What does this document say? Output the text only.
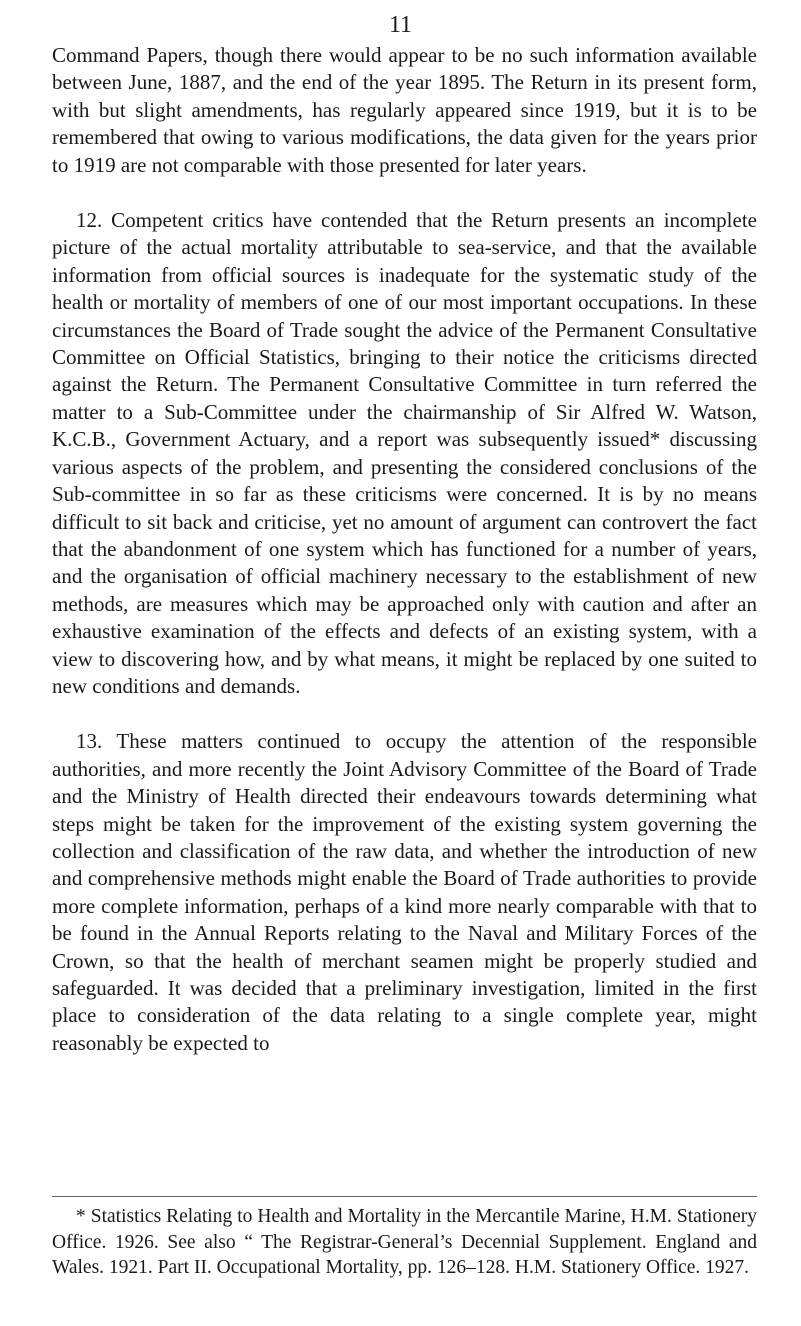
11

Command Papers, though there would appear to be no such information available between June, 1887, and the end of the year 1895. The Return in its present form, with but slight amendments, has regularly appeared since 1919, but it is to be remembered that owing to various modifications, the data given for the years prior to 1919 are not comparable with those presented for later years.

12. Competent critics have contended that the Return presents an incomplete picture of the actual mortality attributable to sea-service, and that the available information from official sources is inadequate for the systematic study of the health or mortality of members of one of our most important occupations. In these circumstances the Board of Trade sought the advice of the Permanent Consultative Committee on Official Statistics, bringing to their notice the criticisms directed against the Return. The Permanent Consultative Committee in turn referred the matter to a Sub-Committee under the chairmanship of Sir Alfred W. Watson, K.C.B., Government Actuary, and a report was subsequently issued* discussing various aspects of the problem, and presenting the considered conclusions of the Sub-committee in so far as these criticisms were concerned. It is by no means difficult to sit back and criticise, yet no amount of argument can controvert the fact that the abandonment of one system which has functioned for a number of years, and the organisation of official machinery necessary to the establishment of new methods, are measures which may be approached only with caution and after an exhaustive examination of the effects and defects of an existing system, with a view to discovering how, and by what means, it might be replaced by one suited to new conditions and demands.

13. These matters continued to occupy the attention of the responsible authorities, and more recently the Joint Advisory Committee of the Board of Trade and the Ministry of Health directed their endeavours towards determining what steps might be taken for the improvement of the existing system governing the collection and classification of the raw data, and whether the introduction of new and comprehensive methods might enable the Board of Trade authorities to provide more complete information, perhaps of a kind more nearly comparable with that to be found in the Annual Reports relating to the Naval and Military Forces of the Crown, so that the health of merchant seamen might be properly studied and safeguarded. It was decided that a preliminary investigation, limited in the first place to consideration of the data relating to a single complete year, might reasonably be expected to

* Statistics Relating to Health and Mortality in the Mercantile Marine, H.M. Stationery Office. 1926. See also “ The Registrar-General’s Decennial Supplement. England and Wales. 1921. Part II. Occupational Mortality, pp. 126–128. H.M. Stationery Office. 1927.
